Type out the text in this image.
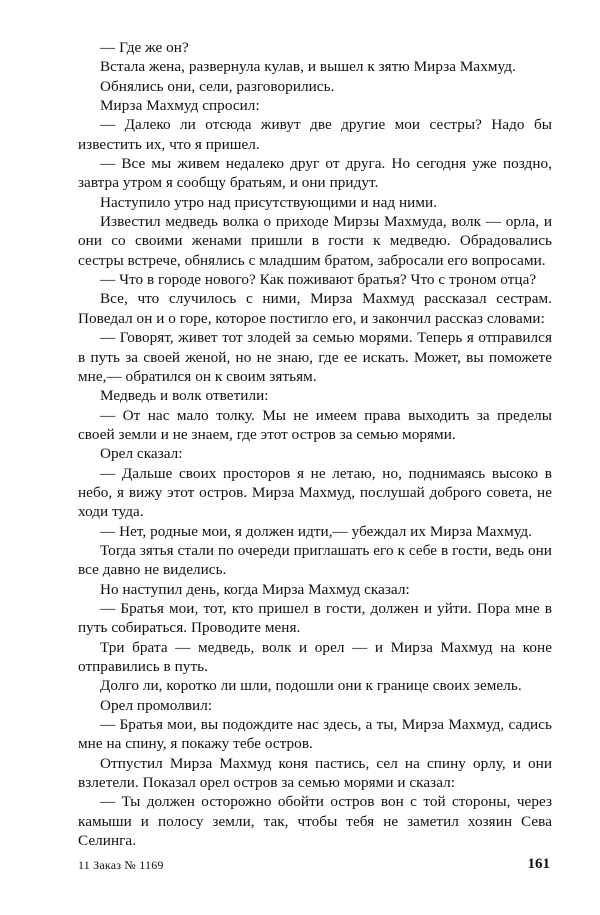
— Где же он?

Встала жена, развернула кулав, и вышел к зятю Мирза Махмуд.

Обнялись они, сели, разговорились.

Мирза Махмуд спросил:

— Далеко ли отсюда живут две другие мои сестры? Надо бы известить их, что я пришел.

— Все мы живем недалеко друг от друга. Но сегодня уже поздно, завтра утром я сообщу братьям, и они придут.

Наступило утро над присутствующими и над ними.

Известил медведь волка о приходе Мирзы Махмуда, волк — орла, и они со своими женами пришли в гости к медведю. Обрадовались сестры встрече, обнялись с младшим братом, забросали его вопросами.

— Что в городе нового? Как поживают братья? Что с троном отца?

Все, что случилось с ними, Мирза Махмуд рассказал сестрам. Поведал он и о горе, которое постигло его, и закончил рассказ словами:

— Говорят, живет тот злодей за семью морями. Теперь я отправился в путь за своей женой, но не знаю, где ее искать. Может, вы поможете мне,— обратился он к своим зятьям.

Медведь и волк ответили:

— От нас мало толку. Мы не имеем права выходить за пределы своей земли и не знаем, где этот остров за семью морями.

Орел сказал:

— Дальше своих просторов я не летаю, но, поднимаясь высоко в небо, я вижу этот остров. Мирза Махмуд, послушай доброго совета, не ходи туда.

— Нет, родные мои, я должен идти,— убеждал их Мирза Махмуд.

Тогда зятья стали по очереди приглашать его к себе в гости, ведь они все давно не виделись.

Но наступил день, когда Мирза Махмуд сказал:

— Братья мои, тот, кто пришел в гости, должен и уйти. Пора мне в путь собираться. Проводите меня.

Три брата — медведь, волк и орел — и Мирза Махмуд на коне отправились в путь.

Долго ли, коротко ли шли, подошли они к границе своих земель.

Орел промолвил:

— Братья мои, вы подождите нас здесь, а ты, Мирза Махмуд, садись мне на спину, я покажу тебе остров.

Отпустил Мирза Махмуд коня пастись, сел на спину орлу, и они взлетели. Показал орел остров за семью морями и сказал:

— Ты должен осторожно обойти остров вон с той стороны, через камыши и полосу земли, так, чтобы тебя не заметил хозяин Сева Селинга.

11 Заказ № 1169	161
